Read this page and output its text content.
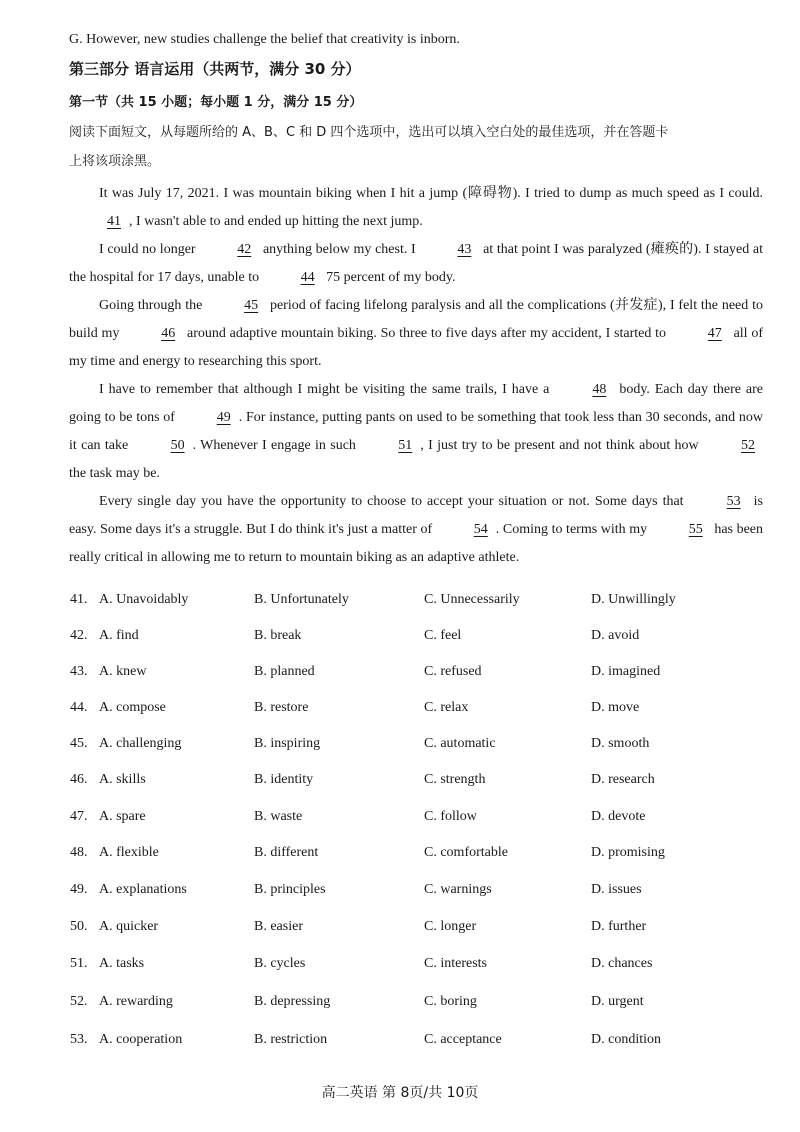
G. However, new studies challenge the belief that creativity is inborn.
第三部分 语言运用（共两节，满分 30 分）
第一节（共 15 小题；每小题 1 分，满分 15 分）
阅读下面短文，从每题所给的 A、B、C 和 D 四个选项中，选出可以填入空白处的最佳选项，并在答题卡
上将该项涂黑。

It was July 17, 2021. I was mountain biking when I hit a jump (障碍物). I tried to dump as much speed as I could. 41 , I wasn't able to and ended up hitting the next jump.

I could no longer	42 anything below my chest. I	43 at that point I was paralyzed (瘫痪的). I stayed at the hospital for 17 days, unable to	44 75 percent of my body.

Going through the	45 period of facing lifelong paralysis and all the complications (并发症), I felt the need to build my	46 around adaptive mountain biking. So three to five days after my accident, I started to	47 all of my time and energy to researching this sport.

I have to remember that although I might be visiting the same trails, I have a	48 body. Each day there are going to be tons of	49 . For instance, putting pants on used to be something that took less than 30 seconds, and now it can take	50 . Whenever I engage in such	51 , I just try to be present and not think about how	52 the task may be.

Every single day you have the opportunity to choose to accept your situation or not. Some days that	53 is easy. Some days it's a struggle. But I do think it's just a matter of	54 . Coming to terms with my	55 has been really critical in allowing me to return to mountain biking as an adaptive athlete.

41. A. Unavoidably	B. Unfortunately	C. Unnecessarily	D. Unwillingly
42. A. find	B. break	C. feel	D. avoid
43. A. knew	B. planned	C. refused	D. imagined
44. A. compose	B. restore	C. relax	D. move
45. A. challenging	B. inspiring	C. automatic	D. smooth
46. A. skills	B. identity	C. strength	D. research
47. A. spare	B. waste	C. follow	D. devote
48. A. flexible	B. different	C. comfortable	D. promising
49. A. explanations	B. principles	C. warnings	D. issues
50. A. quicker	B. easier	C. longer	D. further
51. A. tasks	B. cycles	C. interests	D. chances
52. A. rewarding	B. depressing	C. boring	D. urgent
53. A. cooperation	B. restriction	C. acceptance	D. condition
高二英语 第 8页/共 10页
